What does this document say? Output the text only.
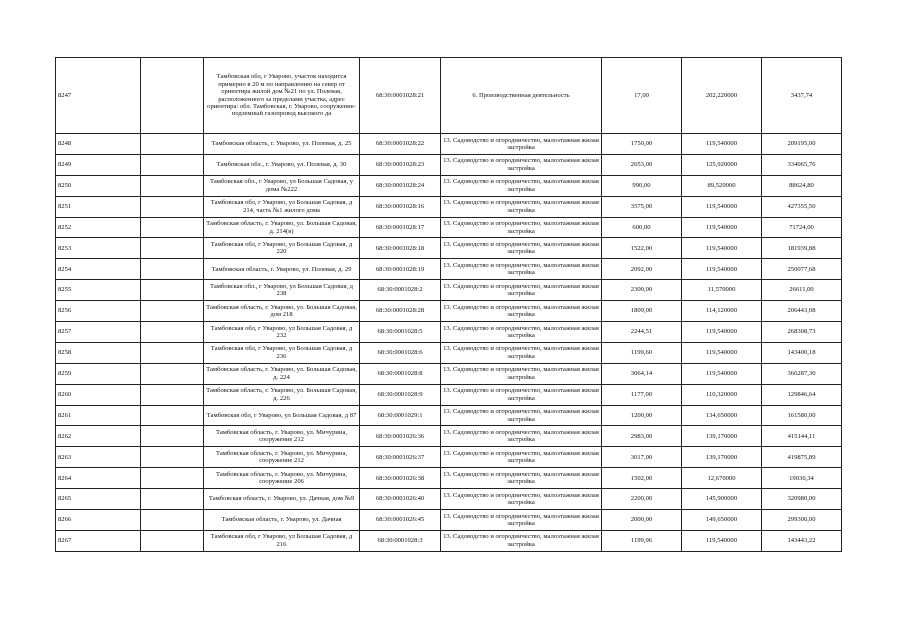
8247		Тамбовская обл, г Уварово, участок находится примерно в 20 м по направлению на север от ориентира жилой дом №21 по ул. Полевая, расположенного за пределами участка, адрес ориентира: обл. Тамбовская, г. Уварово, сооружение- подземный газопровод высокого да	68:30:0001028:21	6. Производственная деятельность	17,00	202,220000	3437,74
8248		Тамбовская область, г. Уварово, ул. Полевая, д. 25	68:30:0001028:22	13. Садоводство и огородничество, малоэтажная жилая застройка	1750,00	119,540000	209195,00
8249		Тамбовская обл., г. Уварово, ул. Полевая, д. 30	68:30:0001028:23	13. Садоводство и огородничество, малоэтажная жилая застройка	2653,00	125,920000	334065,76
8250		Тамбовская обл., г Уварово, ул Большая Садовая, у дома №222	68:30:0001028:24	13. Садоводство и огородничество, малоэтажная жилая застройка	990,00	89,520000	88624,80
8251		Тамбовская обл, г Уварово, ул Большая Садовая, д 214, часть №1 жилого дома	68:30:0001028:16	13. Садоводство и огородничество, малоэтажная жилая застройка	3575,00	119,540000	427355,50
8252		Тамбовская область, г. Уварово, ул. Большая Садовая, д. 214(в)	68:30:0001028:17	13. Садоводство и огородничество, малоэтажная жилая застройка	600,00	119,540000	71724,00
8253		Тамбовская обл, г Уварово, ул Большая Садовая, д 220	68:30:0001028:18	13. Садоводство и огородничество, малоэтажная жилая застройка	1522,00	119,540000	181939,88
8254		Тамбовская область, г. Уварово, ул. Полевая, д. 29	68:30:0001028:19	13. Садоводство и огородничество, малоэтажная жилая застройка	2092,00	119,540000	250077,68
8255		Тамбовская обл., г Уварово, ул Большая Садовая, д 238	68:30:0001028:2	13. Садоводство и огородничество, малоэтажная жилая застройка	2300,00	11,570000	26611,00
8256		Тамбовская область, г. Уварово, ул. Большая Садовая, дом 218	68:30:0001028:28	13. Садоводство и огородничество, малоэтажная жилая застройка	1809,00	114,120000	206443,08
8257		Тамбовская обл, г Уварово, ул Большая Садовая, д 232	68:30:0001028:5	13. Садоводство и огородничество, малоэтажная жилая застройка	2244,51	119,540000	268308,73
8258		Тамбовская обл, г Уварово, ул Большая Садовая, д 236	68:30:0001028:6	13. Садоводство и огородничество, малоэтажная жилая застройка	1199,60	119,540000	143400,18
8259		Тамбовская область, г. Уварово, ул. Большая Садовая, д. 224	68:30:0001028:8	13. Садоводство и огородничество, малоэтажная жилая застройка	3064,14	119,540000	366287,30
8260		Тамбовская область, г. Уварово, ул. Большая Садовая, д. 226	68:30:0001028:9	13. Садоводство и огородничество, малоэтажная жилая застройка	1177,00	110,320000	129846,64
8261		Тамбовская обл, г Уварово, ул Большая Садовая, д 87	68:30:0001029:1	13. Садоводство и огородничество, малоэтажная жилая застройка	1200,00	134,650000	161580,00
8262		Тамбовская область, г. Уварово, ул. Мичурина, сооружение 212	68:30:0001026:36	13. Садоводство и огородничество, малоэтажная жилая застройка	2983,00	139,170000	415144,11
8263		Тамбовская область, г. Уварово, ул. Мичурина, сооружение 212	68:30:0001026:37	13. Садоводство и огородничество, малоэтажная жилая застройка	3017,00	139,170000	419875,89
8264		Тамбовская область, г. Уварово, ул. Мичурина, сооружение 206	68:30:0001026:38	13. Садоводство и огородничество, малоэтажная жилая застройка	1502,00	12,670000	19030,34
8265		Тамбовская область, г. Уварово, ул. Дачная, дом №9	68:30:0001026:40	13. Садоводство и огородничество, малоэтажная жилая застройка	2200,00	145,900000	320980,00
8266		Тамбовская область, г. Уварово, ул. Дачная	68:30:0001026:45	13. Садоводство и огородничество, малоэтажная жилая застройка	2000,00	149,650000	299300,00
8267		Тамбовская обл, г Уварово, ул Большая Садовая, д 216	68:30:0001028:3	13. Садоводство и огородничество, малоэтажная жилая застройка	1199,96	119,540000	143443,22
